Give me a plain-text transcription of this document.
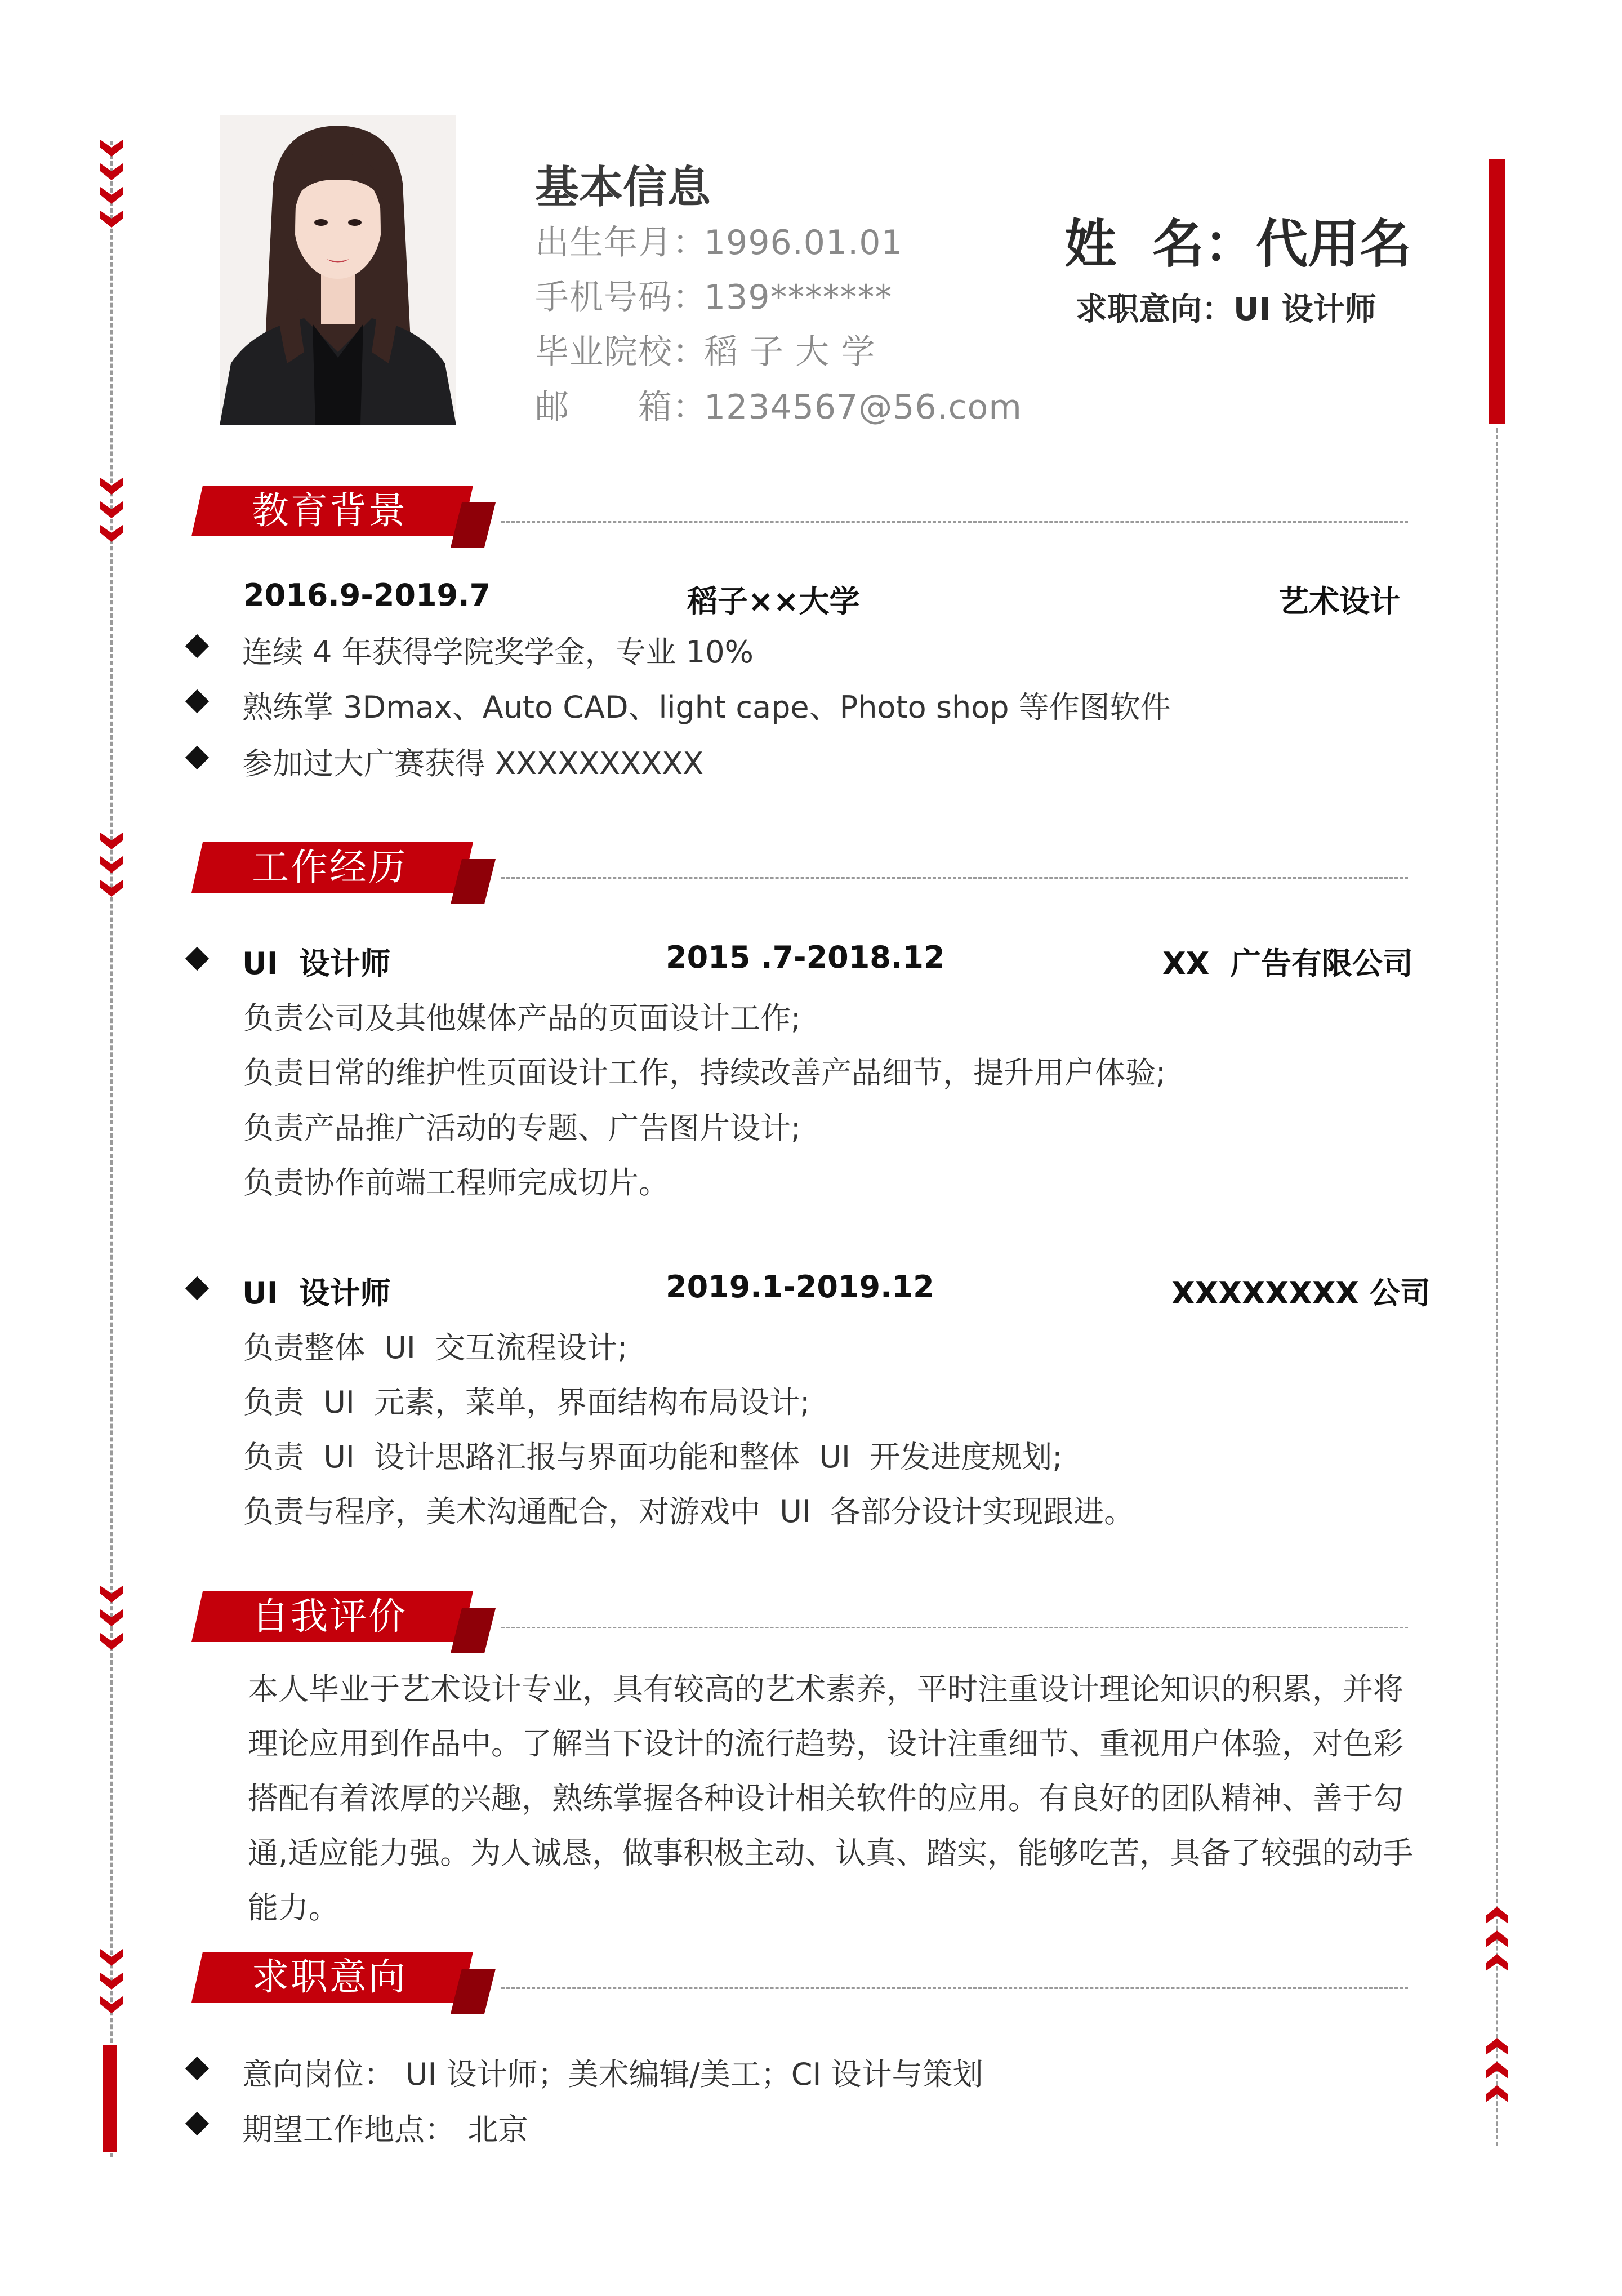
基本信息
出生年月：1996.01.01
手机号码：139*******
毕业院校：稻 子 大 学
邮　　箱：1234567@56.com
姓  名：代用名
求职意向：UI 设计师
教育背景
2016.9-2019.7	稻子××大学	艺术设计
连续 4 年获得学院奖学金，专业 10%
熟练掌 3Dmax、Auto CAD、light cape、Photo shop 等作图软件
参加过大广赛获得 XXXXXXXXXX
工作经历
UI  设计师	2015 .7-2018.12	XX  广告有限公司
负责公司及其他媒体产品的页面设计工作;
负责日常的维护性页面设计工作，持续改善产品细节，提升用户体验;
负责产品推广活动的专题、广告图片设计;
负责协作前端工程师完成切片。
UI  设计师	2019.1-2019.12	XXXXXXXX 公司
负责整体  UI  交互流程设计;
负责  UI  元素，菜单，界面结构布局设计;
负责  UI  设计思路汇报与界面功能和整体  UI  开发进度规划;
负责与程序，美术沟通配合，对游戏中  UI  各部分设计实现跟进。
自我评价
本人毕业于艺术设计专业，具有较高的艺术素养，平时注重设计理论知识的积累，并将理论应用到作品中。了解当下设计的流行趋势，设计注重细节、重视用户体验，对色彩搭配有着浓厚的兴趣，熟练掌握各种设计相关软件的应用。有良好的团队精神、善于勾通,适应能力强。为人诚恳，做事积极主动、认真、踏实，能够吃苦，具备了较强的动手能力。
求职意向
意向岗位： UI 设计师；美术编辑/美工；CI 设计与策划
期望工作地点： 北京
